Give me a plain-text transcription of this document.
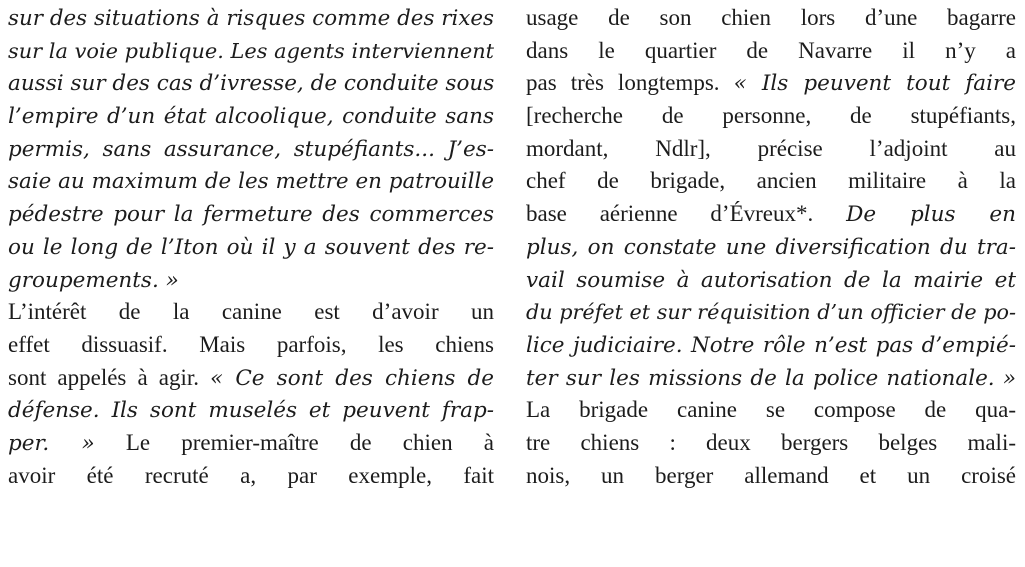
sur des situations à risques comme des rixes
sur la voie publique. Les agents interviennent
aussi sur des cas d’ivresse, de conduite sous
l’empire d’un état alcoolique, conduite sans
permis, sans assurance, stupéfiants... J’es-
saie au maximum de les mettre en patrouille
pédestre pour la fermeture des commerces
ou le long de l’Iton où il y a souvent des re-
groupements. »
L’intérêt de la canine est d’avoir un
effet dissuasif. Mais parfois, les chiens
sont appelés à agir. « Ce sont des chiens de
défense. Ils sont muselés et peuvent frap-
per. » Le premier-maître de chien à
avoir été recruté a, par exemple, fait
usage de son chien lors d’une bagarre
dans le quartier de Navarre il n’y a
pas très longtemps. « Ils peuvent tout faire
[recherche de personne, de stupéfiants,
mordant, Ndlr], précise l’adjoint au
chef de brigade, ancien militaire à la
base aérienne d’Évreux*. De plus en
plus, on constate une diversification du tra-
vail soumise à autorisation de la mairie et
du préfet et sur réquisition d’un officier de po-
lice judiciaire. Notre rôle n’est pas d’empié-
ter sur les missions de la police nationale. »
La brigade canine se compose de qua-
tre chiens : deux bergers belges mali-
nois, un berger allemand et un croisé
